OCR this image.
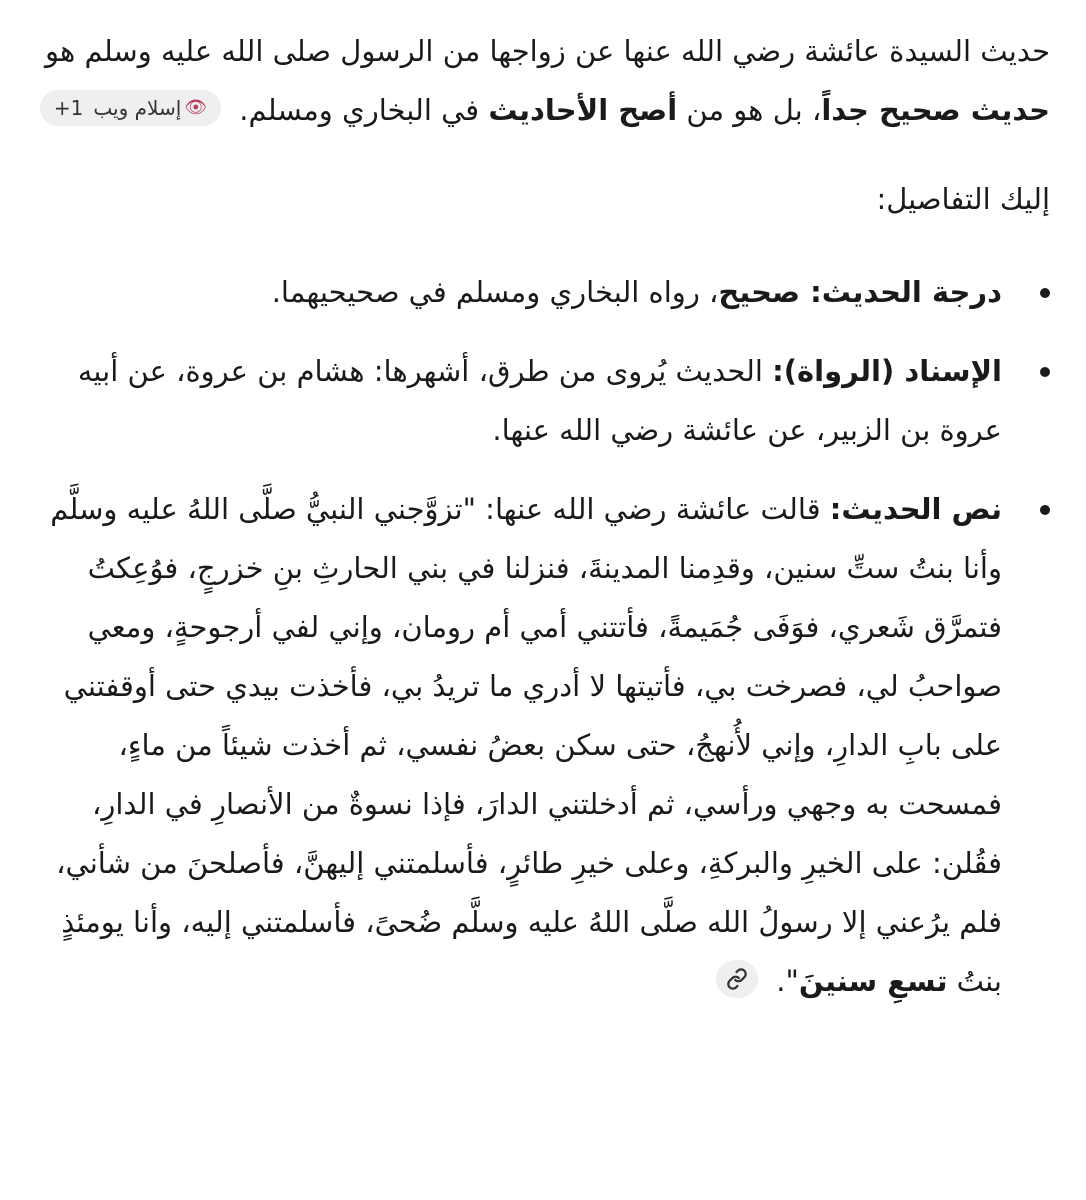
حديث السيدة عائشة رضي الله عنها عن زواجها من الرسول صلى الله عليه وسلم هو حديث صحيح جداً، بل هو من أصح الأحاديث في البخاري ومسلم.
👁
إسلام ويب
+1

إليك التفاصيل:

درجة الحديث: صحيح، رواه البخاري ومسلم في صحيحيهما.
الإسناد (الرواة): الحديث يُروى من طرق، أشهرها: هشام بن عروة، عن أبيه عروة بن الزبير، عن عائشة رضي الله عنها.
نص الحديث: قالت عائشة رضي الله عنها: "تزوَّجني النبيُّ صلَّى اللهُ عليه وسلَّم وأنا بنتُ ستِّ سنين، وقدِمنا المدينةَ، فنزلنا في بني الحارثِ بنِ خزرجٍ، فوُعِكتُ فتمرَّق شَعري، فوَفَى جُمَيمةً، فأتتني أمي أم رومان، وإني لفي أرجوحةٍ، ومعي صواحبُ لي، فصرخت بي، فأتيتها لا أدري ما تريدُ بي، فأخذت بيدي حتى أوقفتني على بابِ الدارِ، وإني لأُنهجُ، حتى سكن بعضُ نفسي، ثم أخذت شيئاً من ماءٍ، فمسحت به وجهي ورأسي، ثم أدخلتني الدارَ، فإذا نسوةٌ من الأنصارِ في الدارِ، فقُلن: على الخيرِ والبركةِ، وعلى خيرِ طائرٍ، فأسلمتني إليهنَّ، فأصلحنَ من شأني، فلم يرُعني إلا رسولُ الله صلَّى اللهُ عليه وسلَّم ضُحىً، فأسلمتني إليه، وأنا يومئذٍ بنتُ تسعِ سنينَ".
